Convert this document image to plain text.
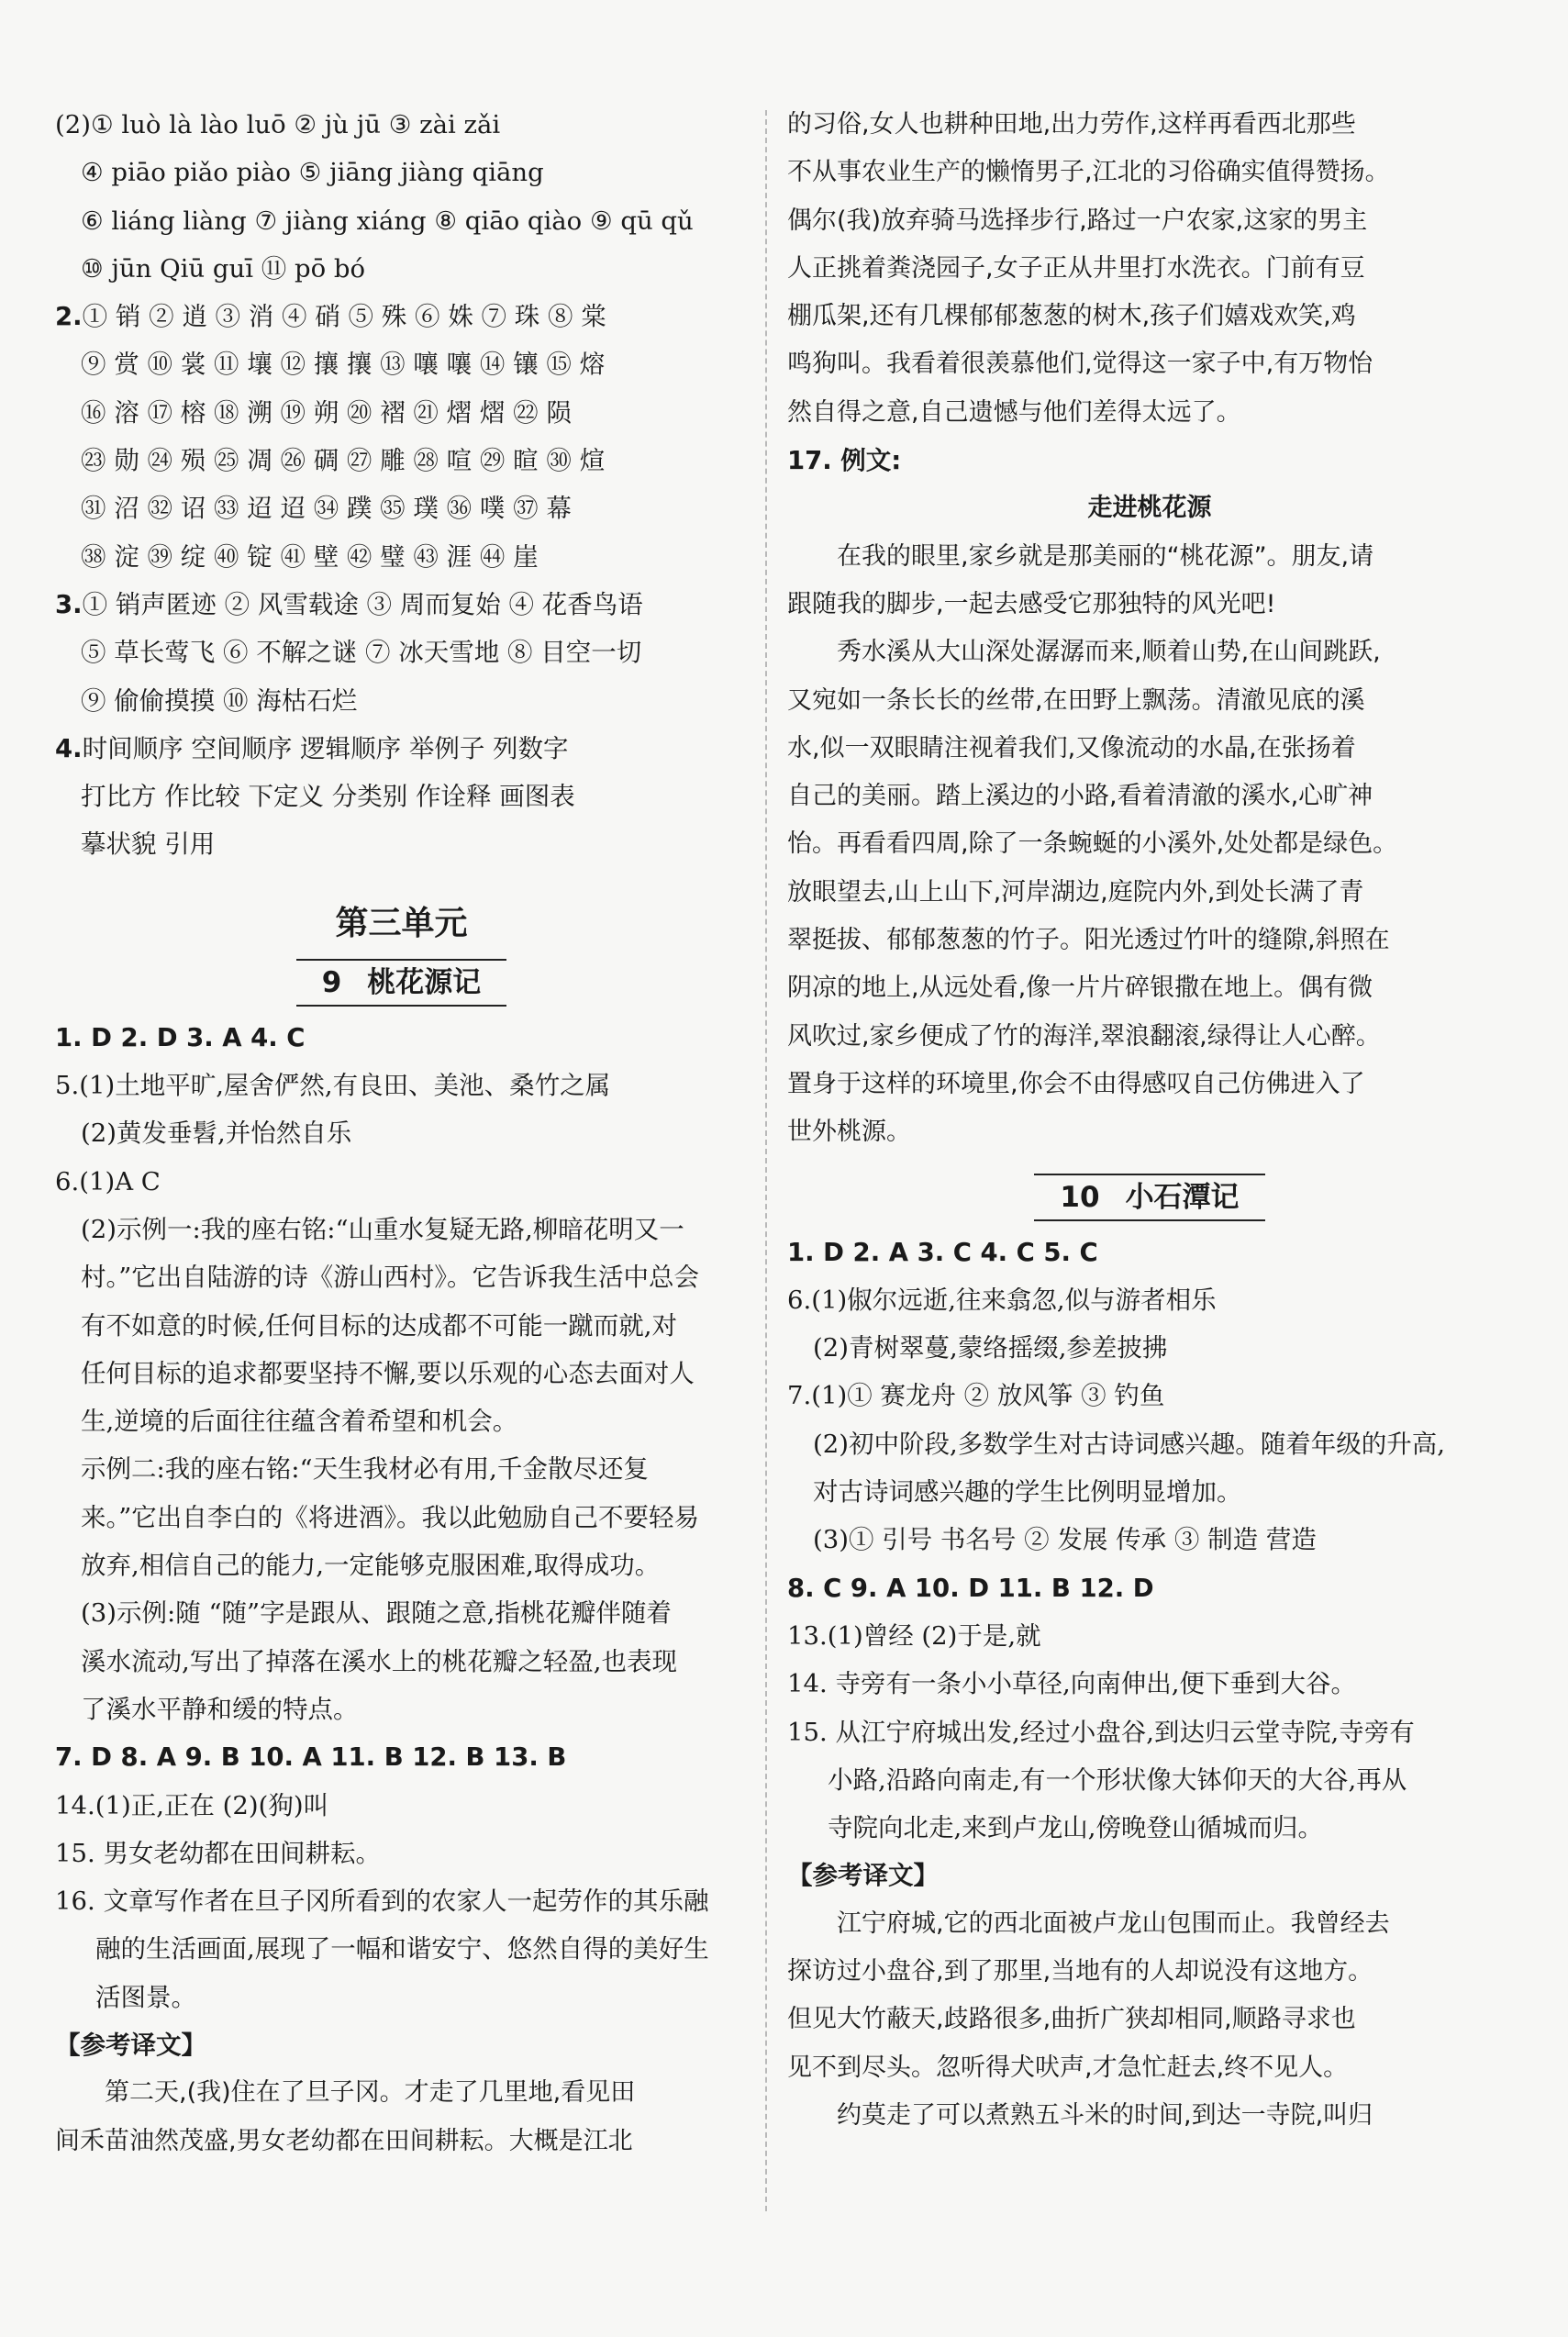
(2)① luò là lào luō ② jù jū ③ zài zǎi
④ piāo piǎo piào ⑤ jiāng jiàng qiāng
⑥ liáng liàng ⑦ jiàng xiáng ⑧ qiāo qiào ⑨ qū qǔ
⑩ jūn Qiū guī ⑪ pō bó
2.① 销 ② 逍 ③ 消 ④ 硝 ⑤ 殊 ⑥ 姝 ⑦ 珠 ⑧ 棠
⑨ 赏 ⑩ 裳 ⑪ 壤 ⑫ 攘 攘 ⑬ 嚷 嚷 ⑭ 镶 ⑮ 熔
⑯ 溶 ⑰ 榕 ⑱ 溯 ⑲ 朔 ⑳ 褶 ㉑ 熠 熠 ㉒ 陨
㉓ 勋 ㉔ 殒 ㉕ 凋 ㉖ 碉 ㉗ 雕 ㉘ 喧 ㉙ 暄 ㉚ 煊
㉛ 沼 ㉜ 诏 ㉝ 迢 迢 ㉞ 蹼 ㉟ 璞 ㊱ 噗 ㊲ 幕
㊳ 淀 ㊴ 绽 ㊵ 锭 ㊶ 壁 ㊷ 璧 ㊸ 涯 ㊹ 崖
3.① 销声匿迹 ② 风雪载途 ③ 周而复始 ④ 花香鸟语
⑤ 草长莺飞 ⑥ 不解之谜 ⑦ 冰天雪地 ⑧ 目空一切
⑨ 偷偷摸摸 ⑩ 海枯石烂
4.时间顺序 空间顺序 逻辑顺序 举例子 列数字
打比方 作比较 下定义 分类别 作诠释 画图表
摹状貌 引用
第三单元
9 桃花源记
1. D 2. D 3. A 4. C
5.(1)土地平旷,屋舍俨然,有良田、美池、桑竹之属
(2)黄发垂髫,并怡然自乐
6.(1)A C
(2)示例一:我的座右铭:“山重水复疑无路,柳暗花明又一
村。”它出自陆游的诗《游山西村》。它告诉我生活中总会
有不如意的时候,任何目标的达成都不可能一蹴而就,对
任何目标的追求都要坚持不懈,要以乐观的心态去面对人
生,逆境的后面往往蕴含着希望和机会。
示例二:我的座右铭:“天生我材必有用,千金散尽还复
来。”它出自李白的《将进酒》。我以此勉励自己不要轻易
放弃,相信自己的能力,一定能够克服困难,取得成功。
(3)示例:随 “随”字是跟从、跟随之意,指桃花瓣伴随着
溪水流动,写出了掉落在溪水上的桃花瓣之轻盈,也表现
了溪水平静和缓的特点。
7. D 8. A 9. B 10. A 11. B 12. B 13. B
14.(1)正,正在 (2)(狗)叫
15. 男女老幼都在田间耕耘。
16. 文章写作者在旦子冈所看到的农家人一起劳作的其乐融
融的生活画面,展现了一幅和谐安宁、悠然自得的美好生
活图景。
【参考译文】
第二天,(我)住在了旦子冈。才走了几里地,看见田
间禾苗油然茂盛,男女老幼都在田间耕耘。大概是江北
的习俗,女人也耕种田地,出力劳作,这样再看西北那些
不从事农业生产的懒惰男子,江北的习俗确实值得赞扬。
偶尔(我)放弃骑马选择步行,路过一户农家,这家的男主
人正挑着粪浇园子,女子正从井里打水洗衣。门前有豆
棚瓜架,还有几棵郁郁葱葱的树木,孩子们嬉戏欢笑,鸡
鸣狗叫。我看着很羡慕他们,觉得这一家子中,有万物怡
然自得之意,自己遗憾与他们差得太远了。
17. 例文:
走进桃花源
在我的眼里,家乡就是那美丽的“桃花源”。朋友,请
跟随我的脚步,一起去感受它那独特的风光吧!
秀水溪从大山深处潺潺而来,顺着山势,在山间跳跃,
又宛如一条长长的丝带,在田野上飘荡。清澈见底的溪
水,似一双眼睛注视着我们,又像流动的水晶,在张扬着
自己的美丽。踏上溪边的小路,看着清澈的溪水,心旷神
怡。再看看四周,除了一条蜿蜒的小溪外,处处都是绿色。
放眼望去,山上山下,河岸湖边,庭院内外,到处长满了青
翠挺拔、郁郁葱葱的竹子。阳光透过竹叶的缝隙,斜照在
阴凉的地上,从远处看,像一片片碎银撒在地上。偶有微
风吹过,家乡便成了竹的海洋,翠浪翻滚,绿得让人心醉。
置身于这样的环境里,你会不由得感叹自己仿佛进入了
世外桃源。
10 小石潭记
1. D 2. A 3. C 4. C 5. C
6.(1)俶尔远逝,往来翕忽,似与游者相乐
(2)青树翠蔓,蒙络摇缀,参差披拂
7.(1)① 赛龙舟 ② 放风筝 ③ 钓鱼
(2)初中阶段,多数学生对古诗词感兴趣。随着年级的升高,
对古诗词感兴趣的学生比例明显增加。
(3)① 引号 书名号 ② 发展 传承 ③ 制造 营造
8. C 9. A 10. D 11. B 12. D
13.(1)曾经 (2)于是,就
14. 寺旁有一条小小草径,向南伸出,便下垂到大谷。
15. 从江宁府城出发,经过小盘谷,到达归云堂寺院,寺旁有
小路,沿路向南走,有一个形状像大钵仰天的大谷,再从
寺院向北走,来到卢龙山,傍晚登山循城而归。
【参考译文】
江宁府城,它的西北面被卢龙山包围而止。我曾经去
探访过小盘谷,到了那里,当地有的人却说没有这地方。
但见大竹蔽天,歧路很多,曲折广狭却相同,顺路寻求也
见不到尽头。忽听得犬吠声,才急忙赶去,终不见人。
约莫走了可以煮熟五斗米的时间,到达一寺院,叫归
